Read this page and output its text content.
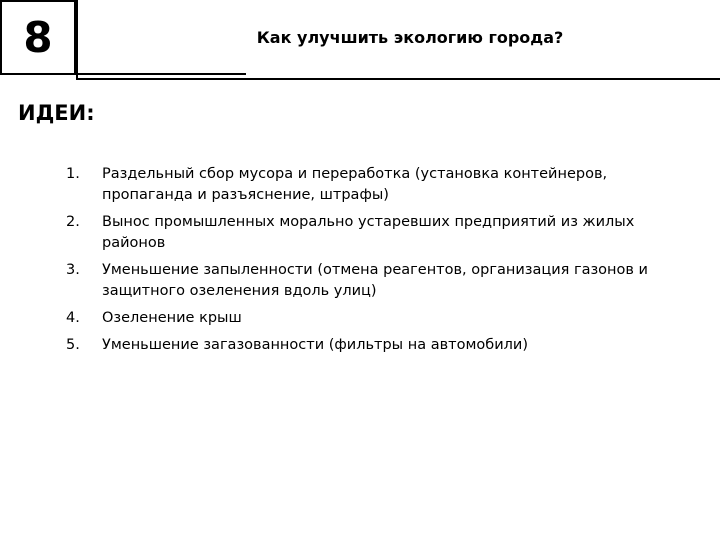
8	Как улучшить экологию города?
ИДЕИ:
1.	Раздельный сбор мусора и переработка (установка контейнеров, пропаганда и разъяснение, штрафы)
2.	Вынос промышленных морально устаревших предприятий из жилых районов
3.	Уменьшение запыленности (отмена реагентов, организация газонов и защитного озеленения вдоль улиц)
4.	Озеленение крыш
5.	Уменьшение загазованности (фильтры на автомобили)
